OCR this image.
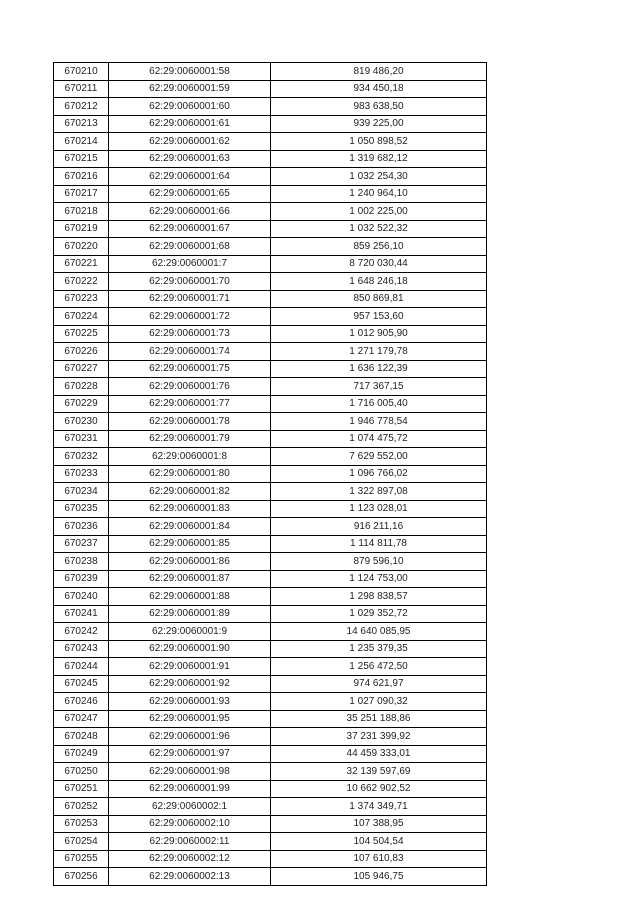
670210	62:29:0060001:58	819 486,20
670211	62:29:0060001:59	934 450,18
670212	62:29:0060001:60	983 638,50
670213	62:29:0060001:61	939 225,00
670214	62:29:0060001:62	1 050 898,52
670215	62:29:0060001:63	1 319 682,12
670216	62:29:0060001:64	1 032 254,30
670217	62:29:0060001:65	1 240 964,10
670218	62:29:0060001:66	1 002 225,00
670219	62:29:0060001:67	1 032 522,32
670220	62:29:0060001:68	859 256,10
670221	62:29:0060001:7	8 720 030,44
670222	62:29:0060001:70	1 648 246,18
670223	62:29:0060001:71	850 869,81
670224	62:29:0060001:72	957 153,60
670225	62:29:0060001:73	1 012 905,90
670226	62:29:0060001:74	1 271 179,78
670227	62:29:0060001:75	1 636 122,39
670228	62:29:0060001:76	717 367,15
670229	62:29:0060001:77	1 716 005,40
670230	62:29:0060001:78	1 946 778,54
670231	62:29:0060001:79	1 074 475,72
670232	62:29:0060001:8	7 629 552,00
670233	62:29:0060001:80	1 096 766,02
670234	62:29:0060001:82	1 322 897,08
670235	62:29:0060001:83	1 123 028,01
670236	62:29:0060001:84	916 211,16
670237	62:29:0060001:85	1 114 811,78
670238	62:29:0060001:86	879 596,10
670239	62:29:0060001:87	1 124 753,00
670240	62:29:0060001:88	1 298 838,57
670241	62:29:0060001:89	1 029 352,72
670242	62:29:0060001:9	14 640 085,95
670243	62:29:0060001:90	1 235 379,35
670244	62:29:0060001:91	1 256 472,50
670245	62:29:0060001:92	974 621,97
670246	62:29:0060001:93	1 027 090,32
670247	62:29:0060001:95	35 251 188,86
670248	62:29:0060001:96	37 231 399,92
670249	62:29:0060001:97	44 459 333,01
670250	62:29:0060001:98	32 139 597,69
670251	62:29:0060001:99	10 662 902,52
670252	62:29:0060002:1	1 374 349,71
670253	62:29:0060002:10	107 388,95
670254	62:29:0060002:11	104 504,54
670255	62:29:0060002:12	107 610,83
670256	62:29:0060002:13	105 946,75
